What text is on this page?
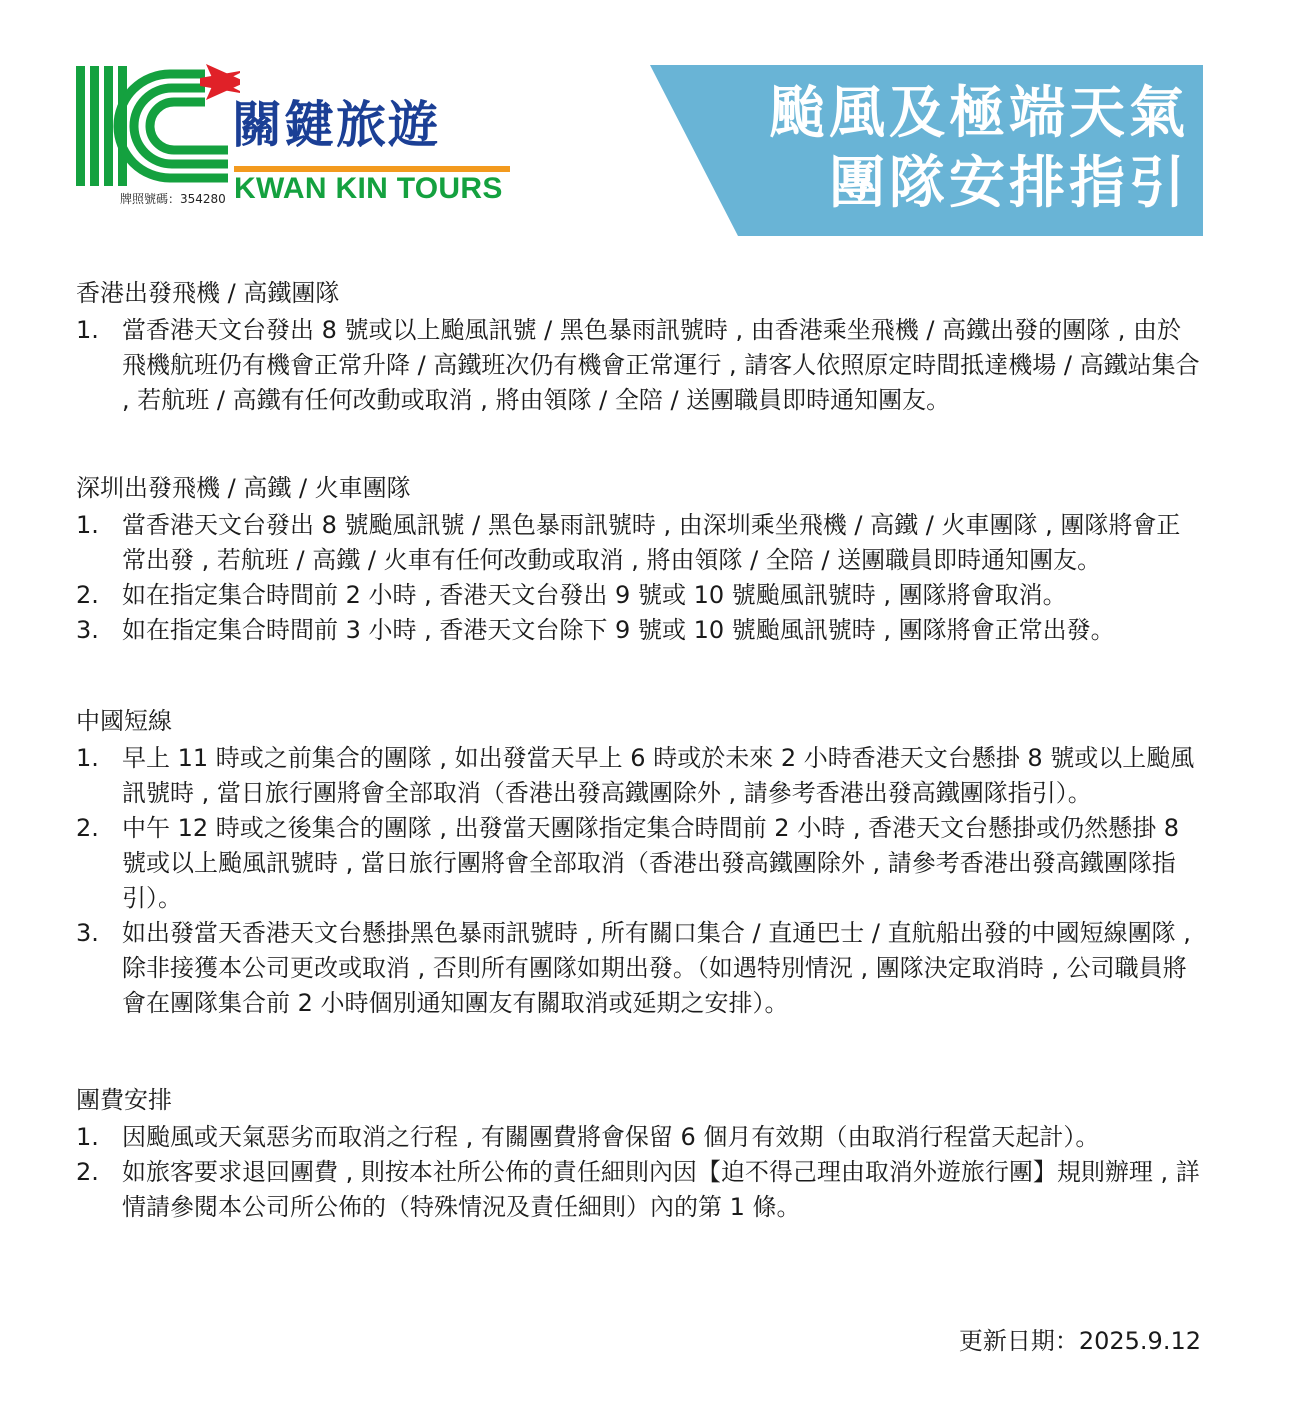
關鍵旅遊
KWAN KIN TOURS
牌照號碼：354280
颱風及極端天氣
團隊安排指引
香港出發飛機 / 高鐵團隊
1. 當香港天文台發出 8 號或以上颱風訊號 / 黑色暴雨訊號時 , 由香港乘坐飛機 / 高鐵出發的團隊 , 由於飛機航班仍有機會正常升降 / 高鐵班次仍有機會正常運行 , 請客人依照原定時間抵達機場 / 高鐵站集合 , 若航班 / 高鐵有任何改動或取消 , 將由領隊 / 全陪 / 送團職員即時通知團友。
深圳出發飛機 / 高鐵 / 火車團隊
1. 當香港天文台發出 8 號颱風訊號 / 黑色暴雨訊號時 , 由深圳乘坐飛機 / 高鐵 / 火車團隊 , 團隊將會正常出發 , 若航班 / 高鐵 / 火車有任何改動或取消 , 將由領隊 / 全陪 / 送團職員即時通知團友。
2. 如在指定集合時間前 2 小時 , 香港天文台發出 9 號或 10 號颱風訊號時 , 團隊將會取消。
3. 如在指定集合時間前 3 小時 , 香港天文台除下 9 號或 10 號颱風訊號時 , 團隊將會正常出發。
中國短線
1. 早上 11 時或之前集合的團隊 , 如出發當天早上 6 時或於未來 2 小時香港天文台懸掛 8 號或以上颱風訊號時 , 當日旅行團將會全部取消（香港出發高鐵團除外 , 請參考香港出發高鐵團隊指引）。
2. 中午 12 時或之後集合的團隊 , 出發當天團隊指定集合時間前 2 小時 , 香港天文台懸掛或仍然懸掛 8 號或以上颱風訊號時 , 當日旅行團將會全部取消（香港出發高鐵團除外 , 請參考香港出發高鐵團隊指引）。
3. 如出發當天香港天文台懸掛黑色暴雨訊號時 , 所有關口集合 / 直通巴士 / 直航船出發的中國短線團隊 , 除非接獲本公司更改或取消 , 否則所有團隊如期出發。（如遇特別情況 , 團隊決定取消時 , 公司職員將會在團隊集合前 2 小時個別通知團友有關取消或延期之安排）。
團費安排
1. 因颱風或天氣惡劣而取消之行程 , 有關團費將會保留 6 個月有效期（由取消行程當天起計）。
2. 如旅客要求退回團費 , 則按本社所公佈的責任細則內因【迫不得己理由取消外遊旅行團】規則辦理 , 詳情請參閱本公司所公佈的（特殊情況及責任細則）內的第 1 條。
更新日期：2025.9.12
